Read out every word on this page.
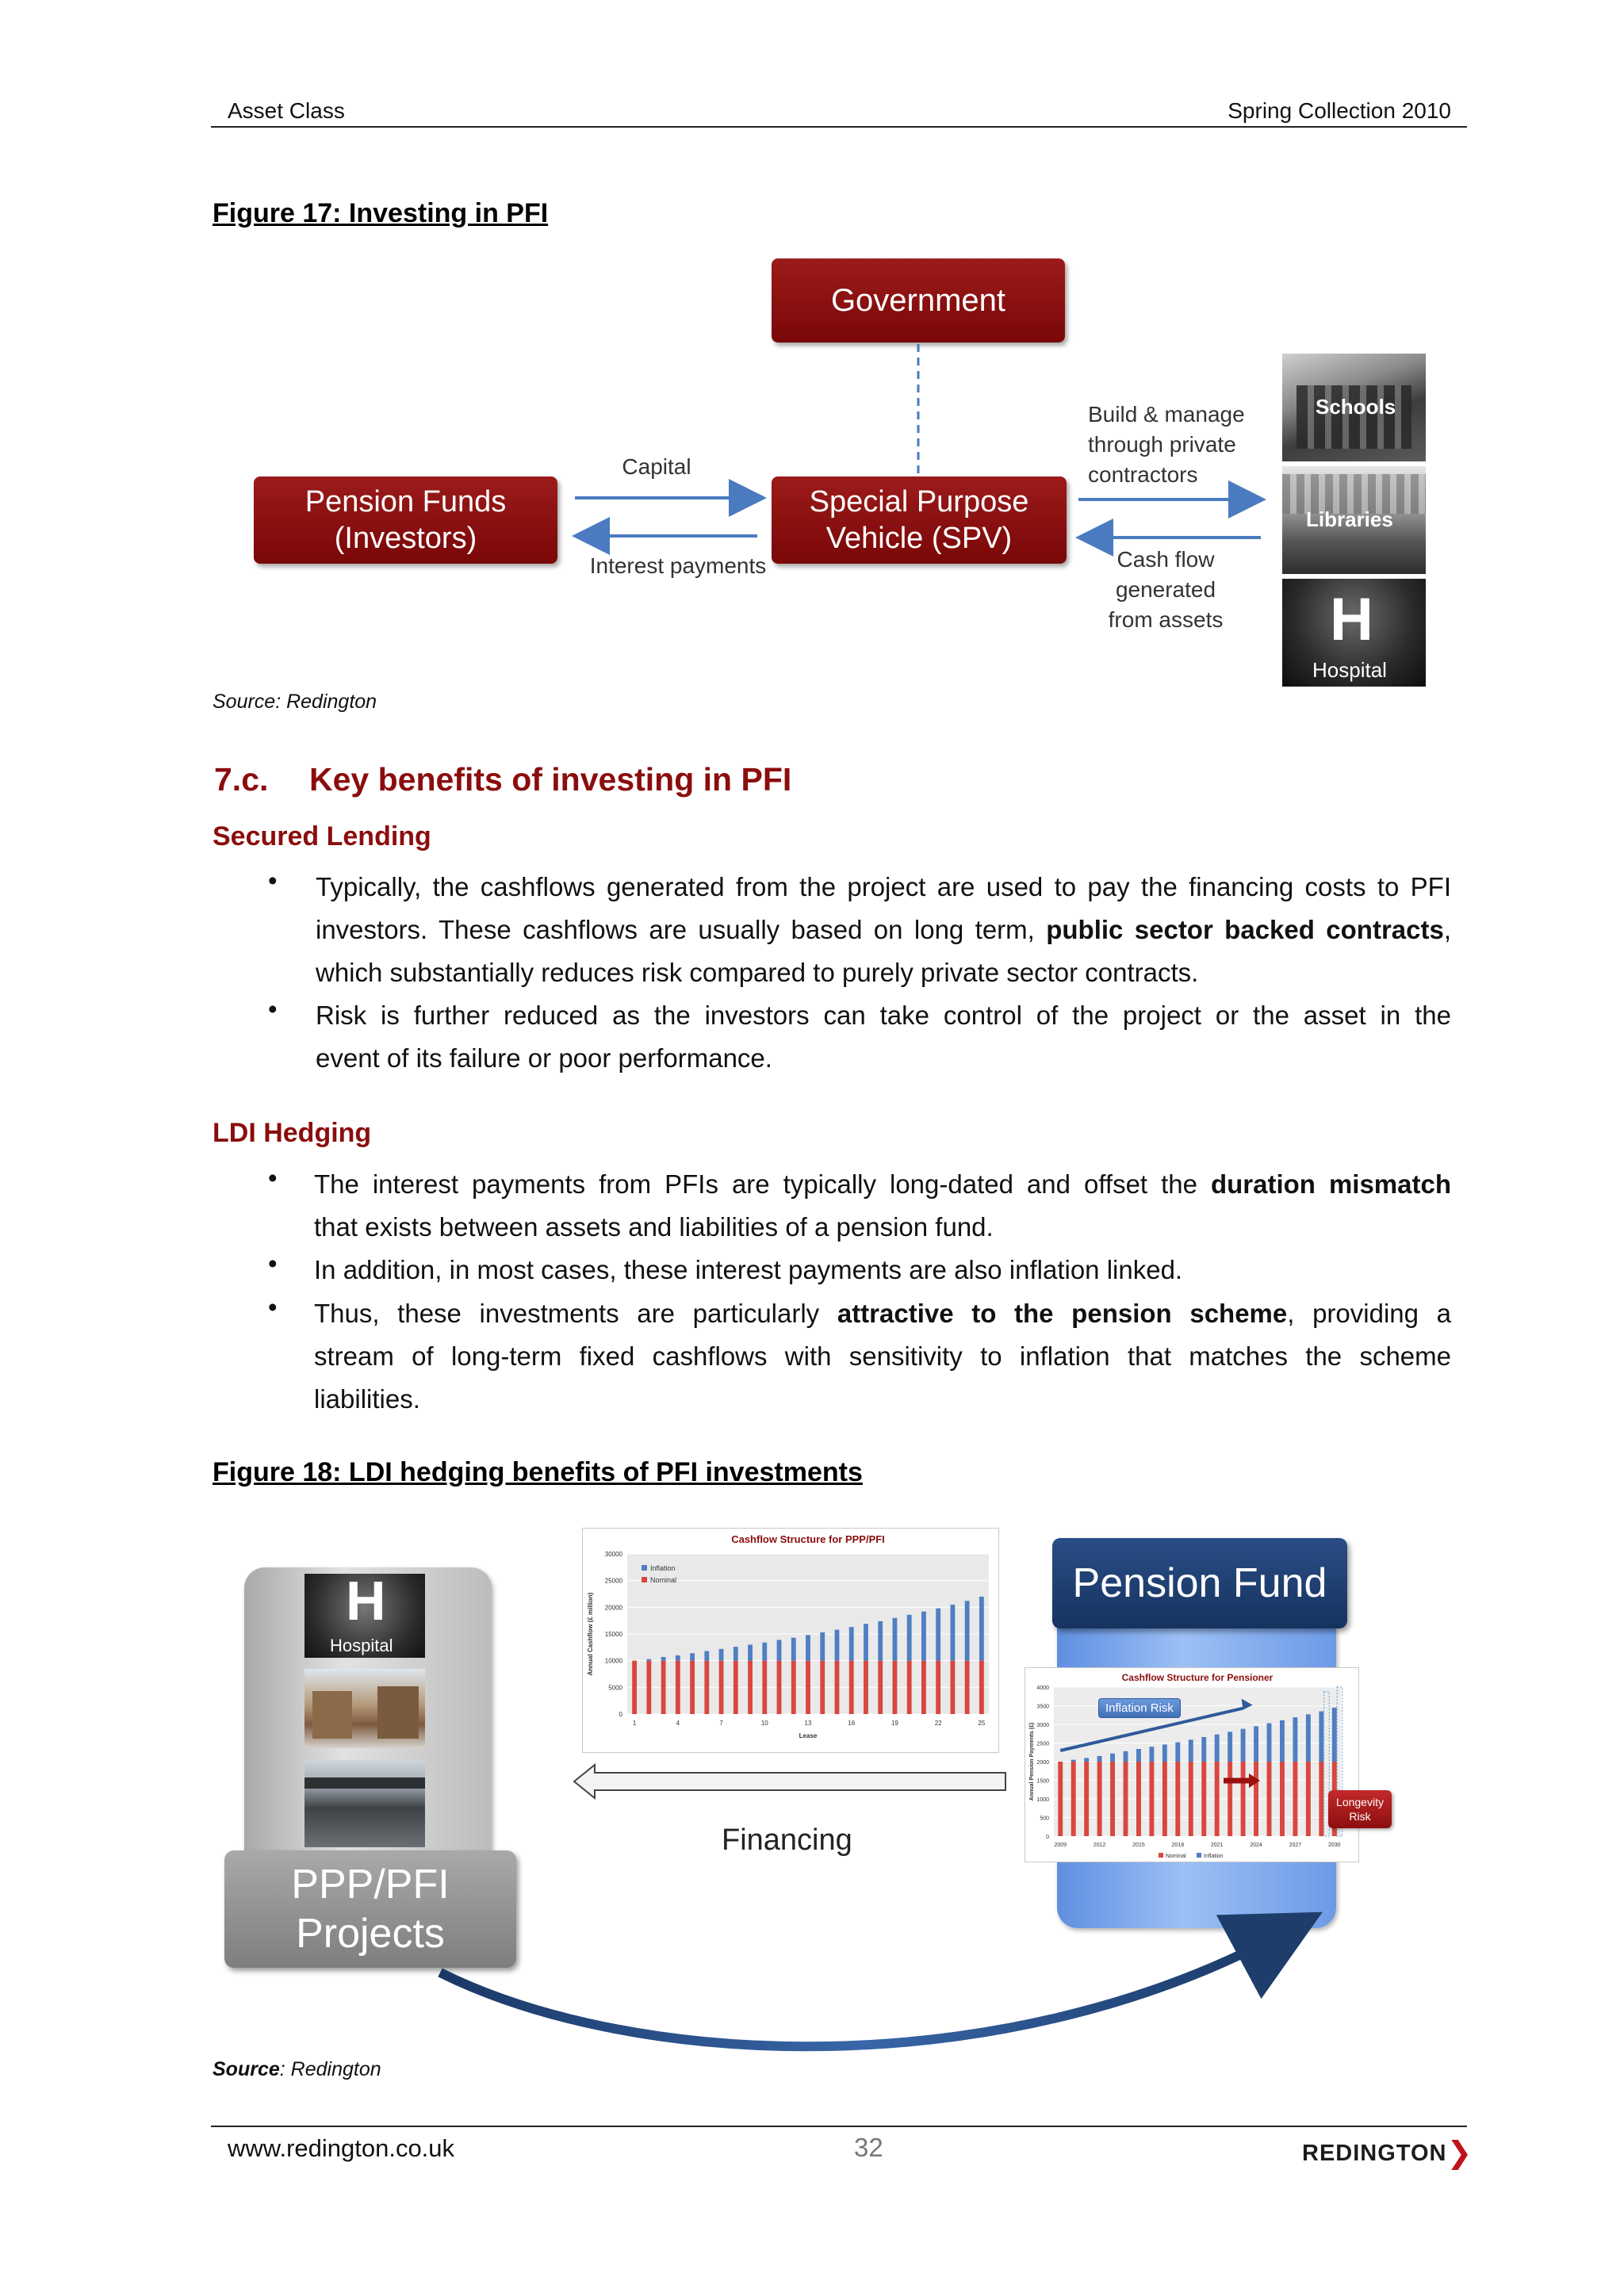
Asset Class	Spring Collection 2010
Figure 17: Investing in PFI
Government
Pension Funds
(Investors)
Special Purpose
Vehicle (SPV)
Capital
Interest payments
Build & manage
through private
contractors
Cash flow
generated
from assets
Schools
Libraries
H
Hospital
Source: Redington
7.c. Key benefits of investing in PFI
Secured Lending
• Typically, the cashflows generated from the project are used to pay the financing costs to PFI
investors. These cashflows are usually based on long term, public sector backed contracts,
which substantially reduces risk compared to purely private sector contracts.
• Risk is further reduced as the investors can take control of the project or the asset in the
event of its failure or poor performance.
LDI Hedging
• The interest payments from PFIs are typically long-dated and offset the duration mismatch
that exists between assets and liabilities of a pension fund.
• In addition, in most cases, these interest payments are also inflation linked.
• Thus, these investments are particularly attractive to the pension scheme, providing a
stream of long-term fixed cashflows with sensitivity to inflation that matches the scheme
liabilities.
Figure 18: LDI hedging benefits of PFI investments
H
Hospital
PPP/PFI
Projects
0
5000
10000
15000
20000
25000
30000
1	4	7	10	13	16	19	22	25
Cashflow Structure for PPP/PFI
Lease
Annual Cashflow (£ million)
Inflation
Nominal
Financing
Pension Fund
0
500
1000
1500
2000
2500
3000
3500
4000
2009	2012	2015	2018	2021	2024	2027	2030
Cashflow Structure for Pensioner
Annual Pension Payments (£)
Nominal	Inflation
Inflation Risk
Longevity
Risk
Source: Redington
www.redington.co.uk	32	REDINGTON❯
